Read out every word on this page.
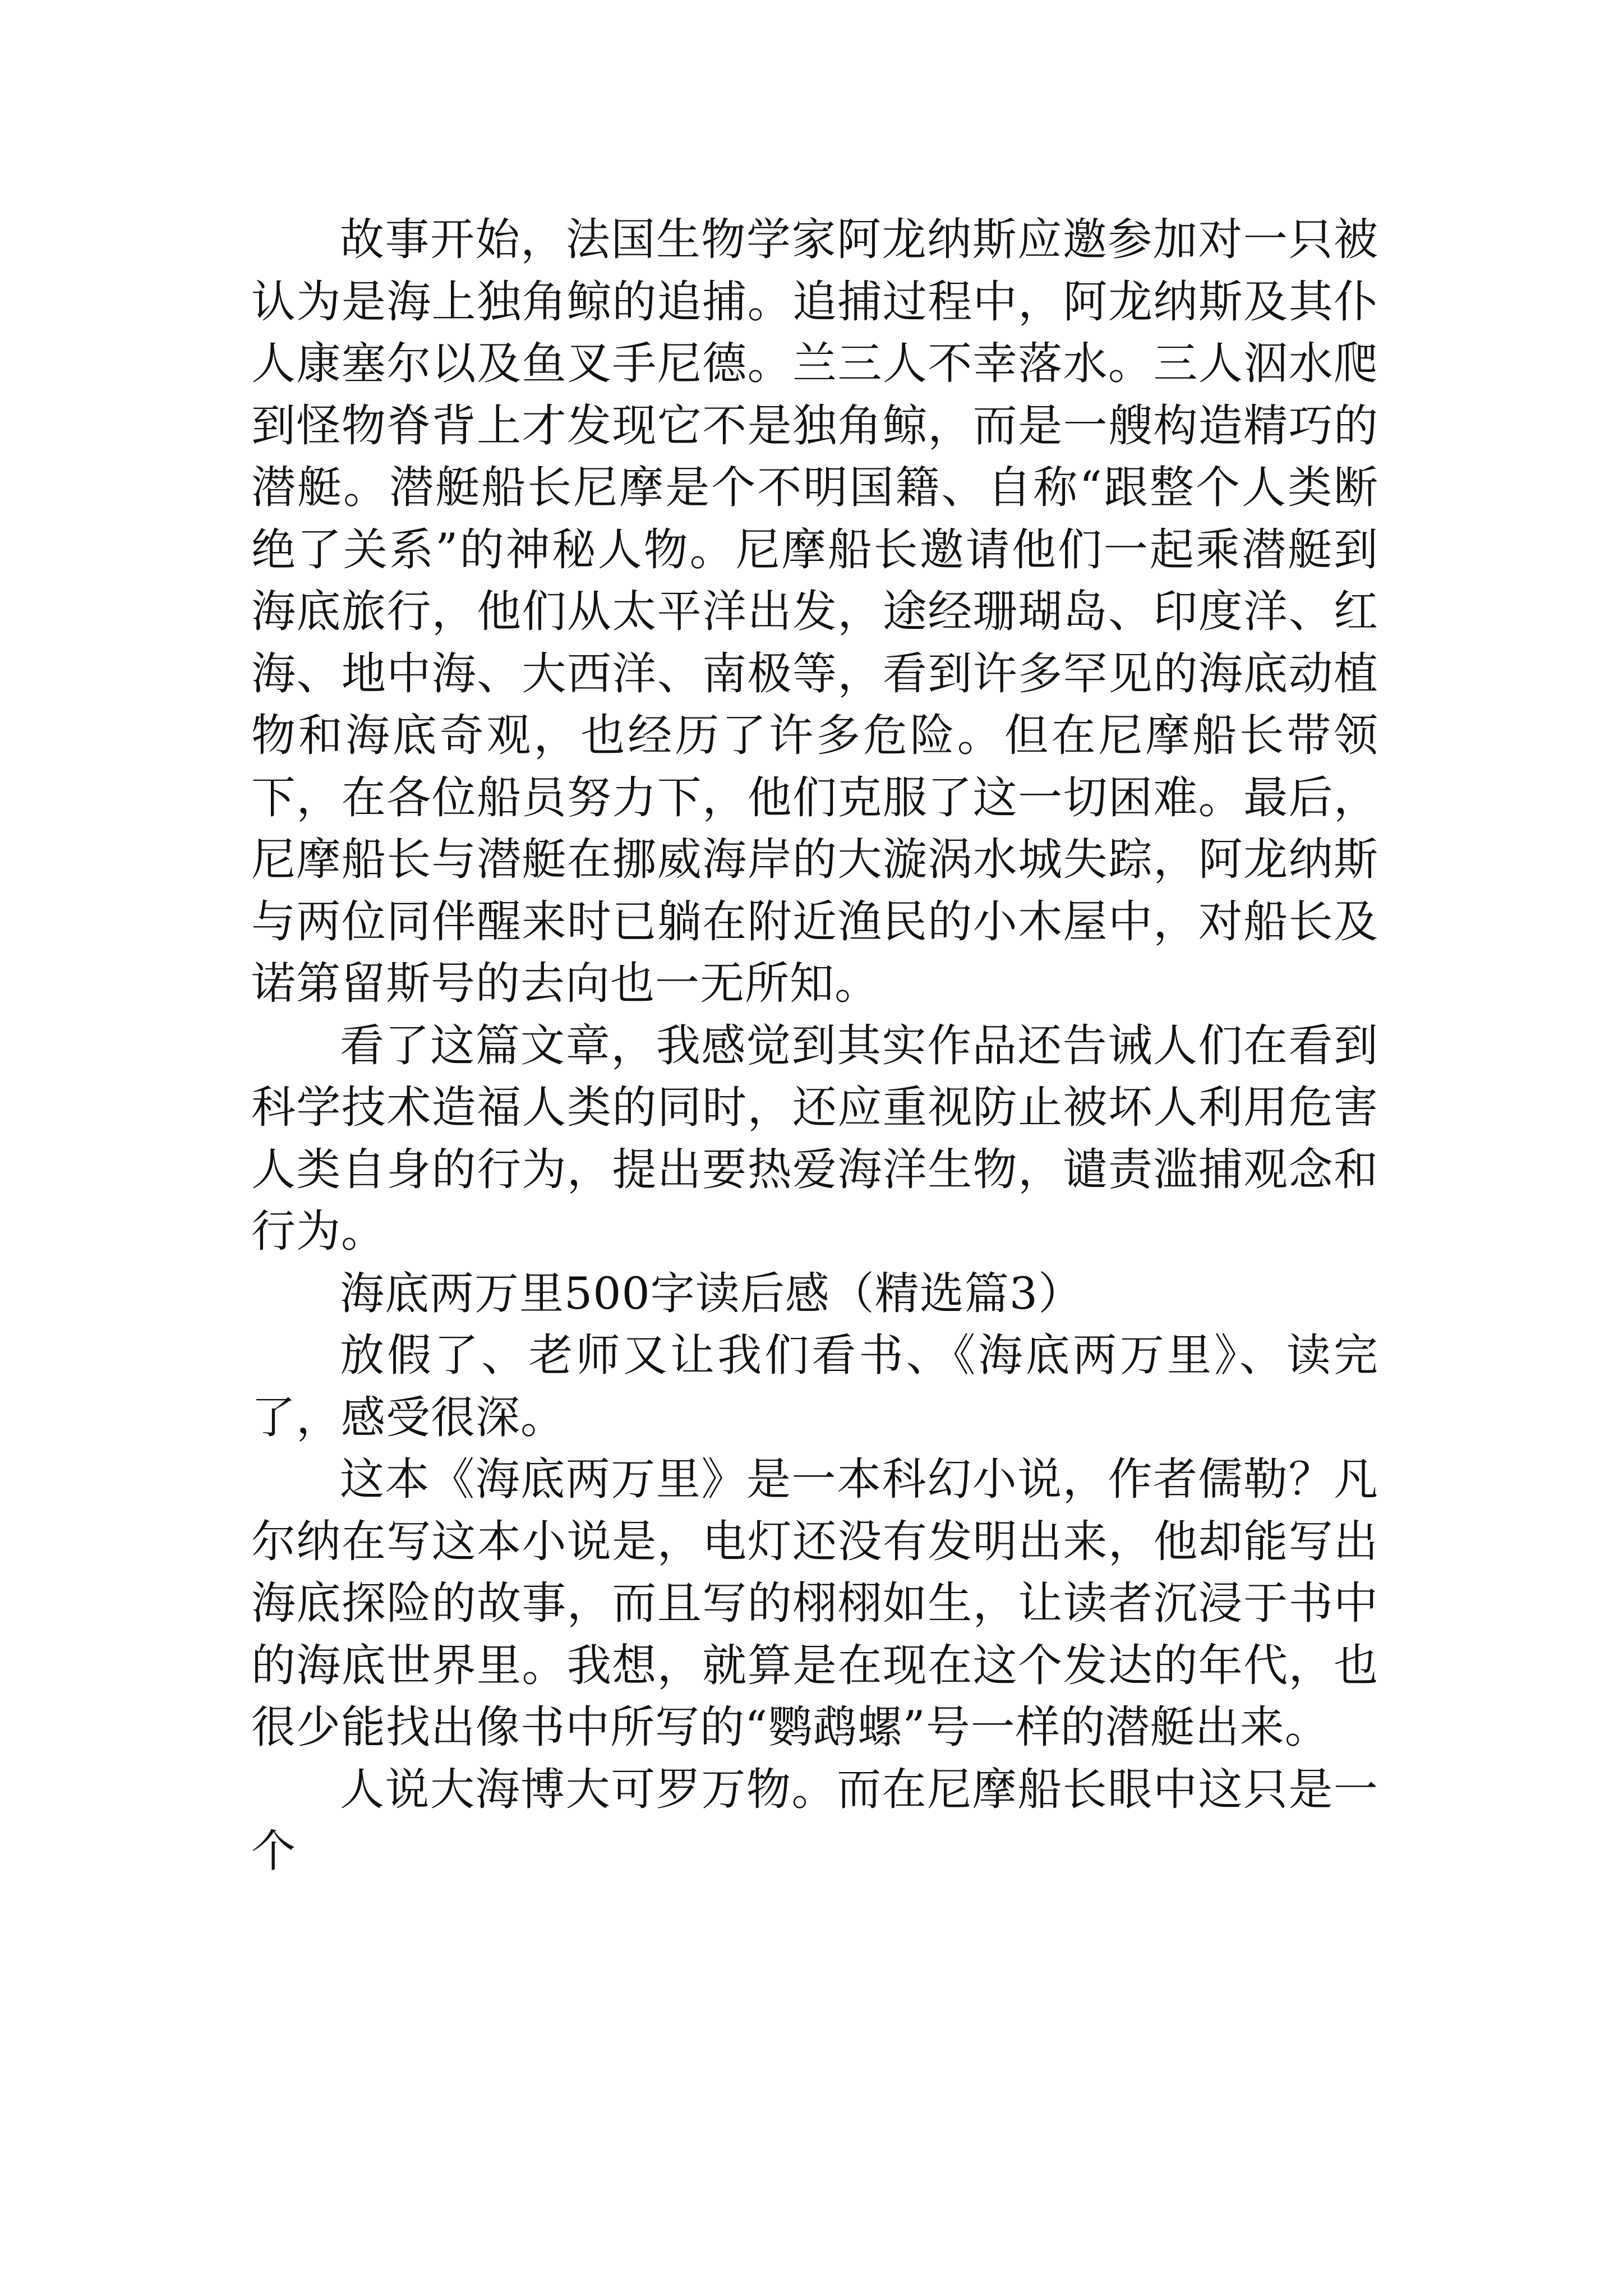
故事开始，法国生物学家阿龙纳斯应邀参加对一只被认为是海上独角鲸的追捕。追捕过程中，阿龙纳斯及其仆人康塞尔以及鱼叉手尼德。兰三人不幸落水。三人泅水爬到怪物脊背上才发现它不是独角鲸，而是一艘构造精巧的潜艇。潜艇船长尼摩是个不明国籍、自称“跟整个人类断绝了关系”的神秘人物。尼摩船长邀请他们一起乘潜艇到海底旅行，他们从太平洋出发，途经珊瑚岛、印度洋、红海、地中海、大西洋、南极等，看到许多罕见的海底动植物和海底奇观，也经历了许多危险。但在尼摩船长带领下，在各位船员努力下，他们克服了这一切困难。最后，尼摩船长与潜艇在挪威海岸的大漩涡水城失踪，阿龙纳斯与两位同伴醒来时已躺在附近渔民的小木屋中，对船长及诺第留斯号的去向也一无所知。

看了这篇文章，我感觉到其实作品还告诫人们在看到科学技术造福人类的同时，还应重视防止被坏人利用危害人类自身的行为，提出要热爱海洋生物，谴责滥捕观念和行为。

海底两万里500字读后感（精选篇3）

放假了、老师又让我们看书、《海底两万里》、读完了，感受很深。

这本《海底两万里》是一本科幻小说，作者儒勒？凡尔纳在写这本小说是，电灯还没有发明出来，他却能写出海底探险的故事，而且写的栩栩如生，让读者沉浸于书中的海底世界里。我想，就算是在现在这个发达的年代，也很少能找出像书中所写的“鹦鹉螺”号一样的潜艇出来。

人说大海博大可罗万物。而在尼摩船长眼中这只是一个
